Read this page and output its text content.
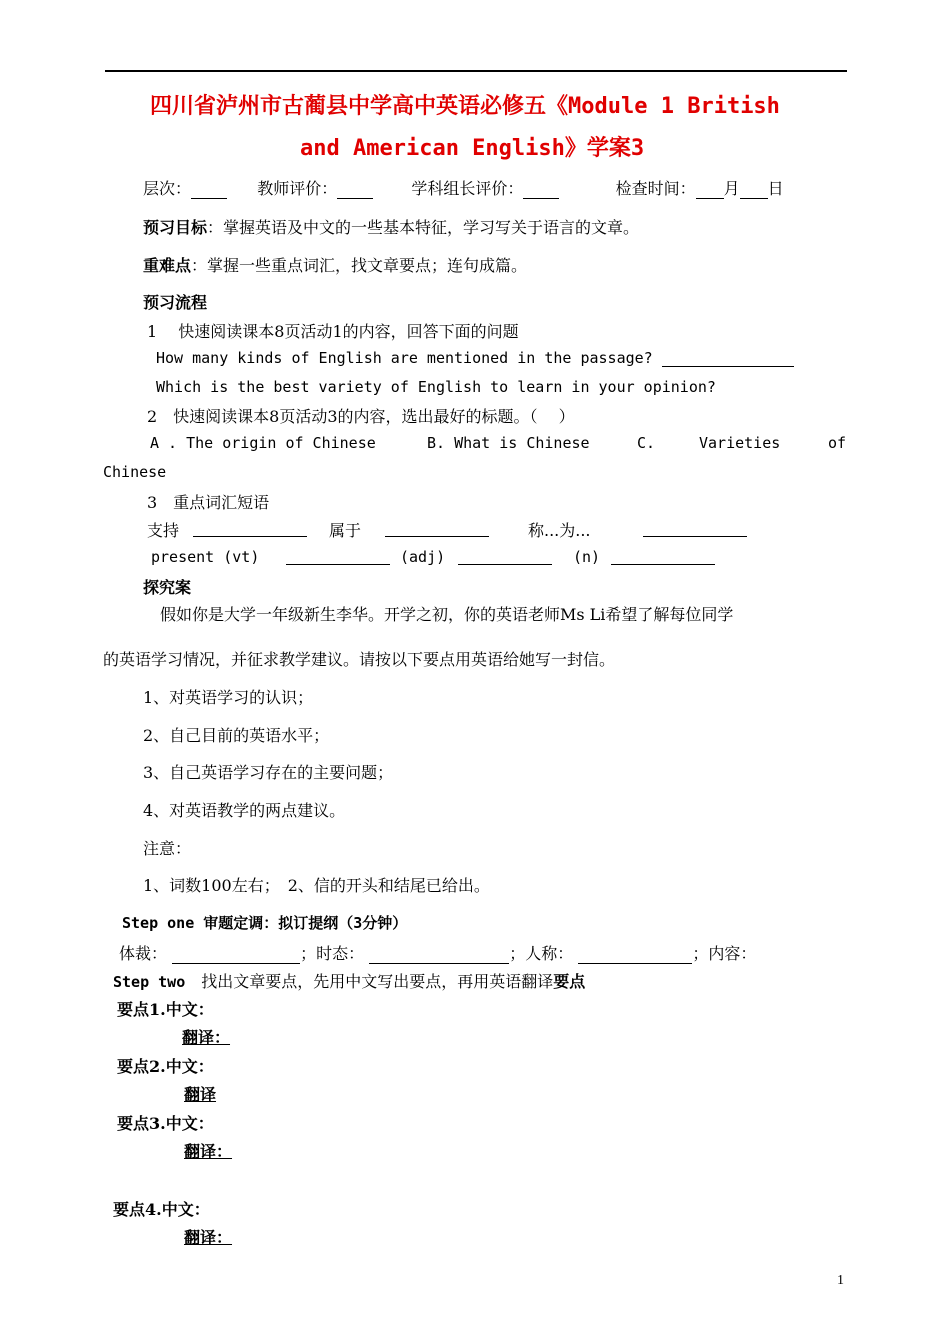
四川省泸州市古蔺县中学高中英语必修五《Module 1 British
and American English》学案3
层次：	教师评价：	学科组长评价：	检查时间： 月 日
预习目标：掌握英语及中文的一些基本特征，学习写关于语言的文章。
重难点：掌握一些重点词汇，找文章要点；连句成篇。
预习流程
1　 快速阅读课本8页活动1的内容，回答下面的问题
How many kinds of English are mentioned in the passage?
Which is the best variety of English to learn in your opinion?
2　快速阅读课本8页活动3的内容，选出最好的标题。（　 ）
A . The origin of Chinese	B. What is Chinese	C.	Varieties	of
Chinese
3　重点词汇短语
支持	属于	称...为...
present (vt)	(adj)	(n)
探究案
假如你是大学一年级新生李华。开学之初，你的英语老师Ms Li希望了解每位同学
的英语学习情况，并征求教学建议。请按以下要点用英语给她写一封信。
1、对英语学习的认识；
2、自己目前的英语水平；
3、自己英语学习存在的主要问题；
4、对英语教学的两点建议。
注意：
1、词数100左右；　2、信的开头和结尾已给出。
Step one 审题定调：拟订提纲（3分钟）
体裁：	；时态：	；人称：	；内容：
Step two　找出文章要点，先用中文写出要点，再用英语翻译要点
要点1.中文：
翻译：
要点2.中文：
翻译
要点3.中文：
翻译：
要点4.中文：
翻译：
1
